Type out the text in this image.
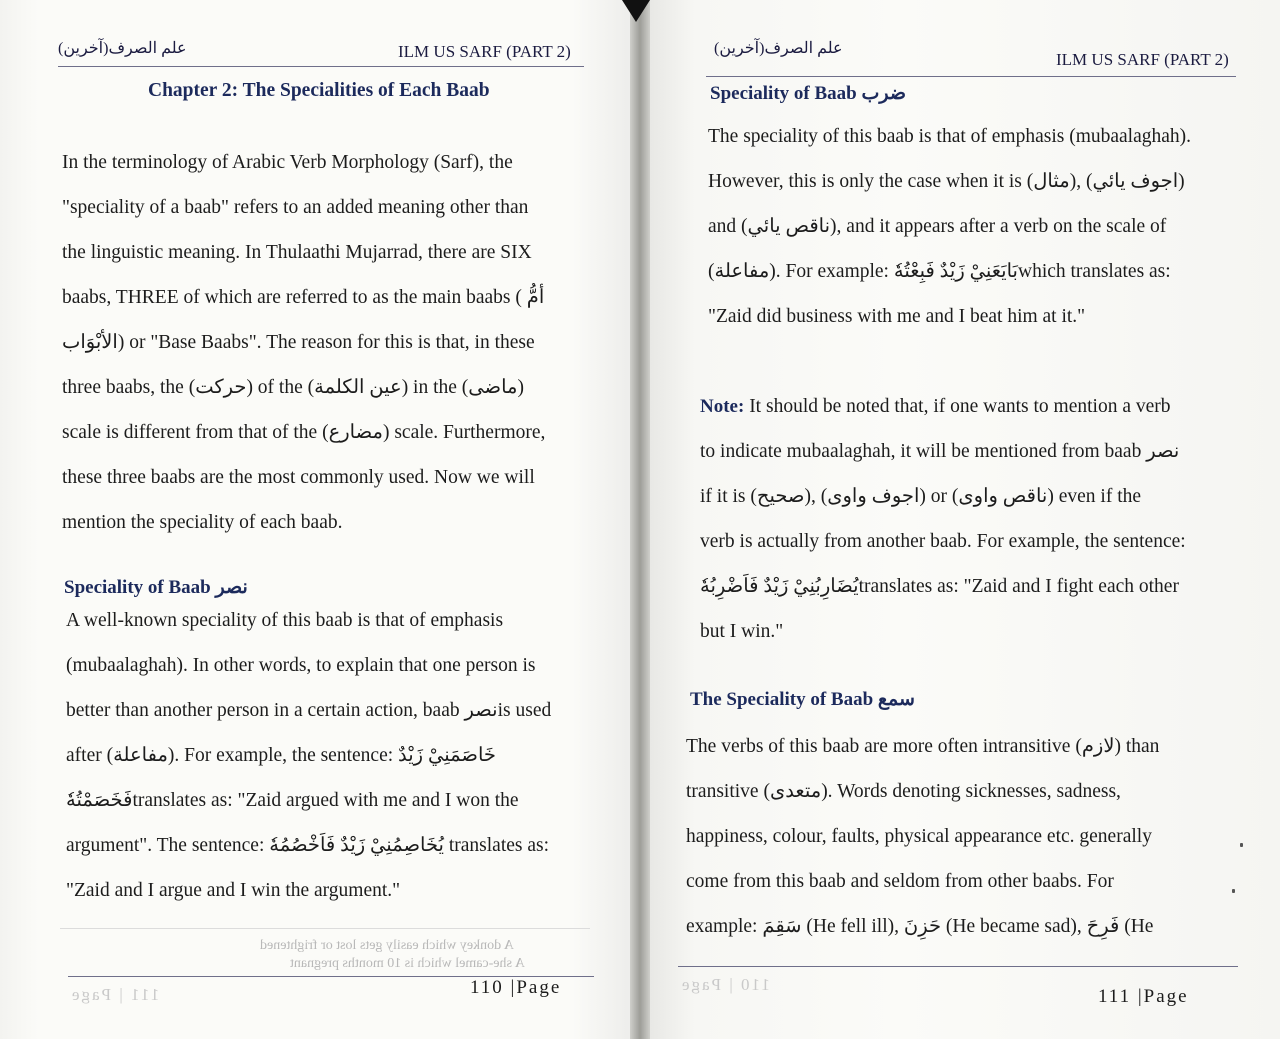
علم الصرف(آخرين)	ILM US SARF (PART 2)
Chapter 2: The Specialities of Each Baab

In the terminology of Arabic Verb Morphology (Sarf), the

"speciality of a baab" refers to an added meaning other than

the linguistic meaning. In Thulaathi Mujarrad, there are SIX

baabs, THREE of which are referred to as the main baabs ( أمُّ

الأبْوَاب) or "Base Baabs". The reason for this is that, in these

three baabs, the (حركت) of the (عين الكلمة) in the (ماضى)

scale is different from that of the (مضارع) scale. Furthermore,

these three baabs are the most commonly used. Now we will

mention the speciality of each baab.

Speciality of Baab نصر

A well-known speciality of this baab is that of emphasis

(mubaalaghah). In other words, to explain that one person is

better than another person in a certain action, baab نصرis used

after (مفاعلة). For example, the sentence: خَاصَمَنِيْ زَيْدٌ

فَخَصَمْتُهٗtranslates as: "Zaid argued with me and I won the

argument". The sentence: يُخَاصِمُنِيْ زَيْدٌ فَاَخْصُمُهٗ translates as:

"Zaid and I argue and I win the argument."

A donkey which easily gets lost or frightened
A she-camel which is 10 months pregnant
111 | Page	110 |Page
علم الصرف(آخرين)
ILM US SARF (PART 2)
Speciality of Baab ضرب

The speciality of this baab is that of emphasis (mubaalaghah).

However, this is only the case when it is (مثال), (اجوف يائي)

and (ناقص يائي), and it appears after a verb on the scale of

(مفاعلة). For example: بَايَعَنِيْ زَيْدٌ فَبِعْتُهٗwhich translates as:

"Zaid did business with me and I beat him at it."

Note: It should be noted that, if one wants to mention a verb

to indicate mubaalaghah, it will be mentioned from baab نصر

if it is (صحيح), (اجوف واوى) or (ناقص واوى) even if the

verb is actually from another baab. For example, the sentence:

يُضَارِبُنِيْ زَيْدٌ فَاَضْرِبُهٗtranslates as: "Zaid and I fight each other

but I win."

The Speciality of Baab سمع

The verbs of this baab are more often intransitive (لازم) than

transitive (متعدى). Words denoting sicknesses, sadness,

happiness, colour, faults, physical appearance etc. generally

come from this baab and seldom from other baabs. For

example: سَقِمَ (He fell ill), حَزِنَ (He became sad), فَرِحَ (He

110 | Page
111 |Page
